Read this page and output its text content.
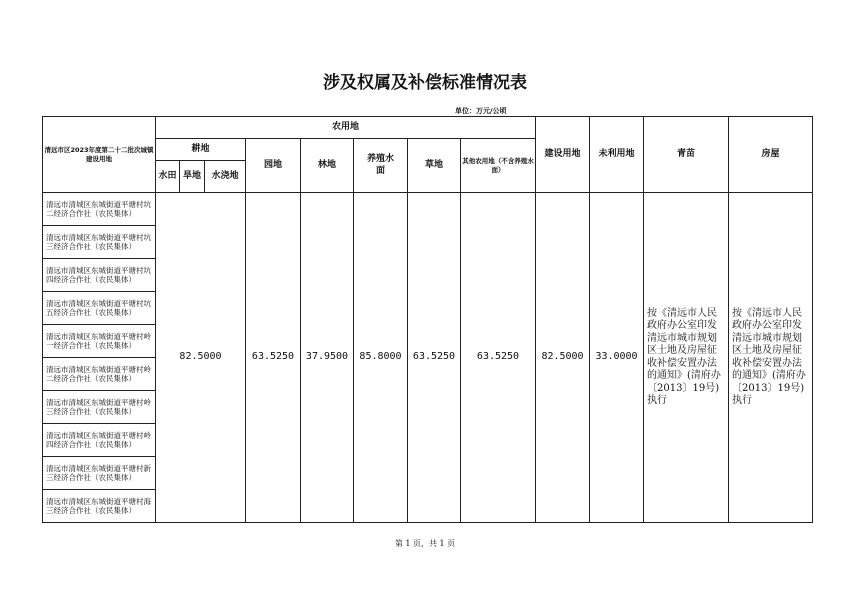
涉及权属及补偿标准情况表
单位：万元/公顷
清远市区2023年度第二十二批次城镇建设用地	农用地								建设用地	未利用地	青苗	房屋
	耕地			园地	林地	养殖水面	草地	其他农用地（不含养殖水面）				
	水田	旱地	水浇地									
清远市清城区东城街道平塘村坑二经济合作社（农民集体）	82.5000			63.5250	37.9500	85.8000	63.5250	63.5250	82.5000	33.0000	按《清远市人民政府办公室印发清远市城市规划区土地及房屋征收补偿安置办法的通知》(清府办〔2013〕19号)执行	按《清远市人民政府办公室印发清远市城市规划区土地及房屋征收补偿安置办法的通知》(清府办〔2013〕19号)执行
清远市清城区东城街道平塘村坑三经济合作社（农民集体）												
清远市清城区东城街道平塘村坑四经济合作社（农民集体）												
清远市清城区东城街道平塘村坑五经济合作社（农民集体）												
清远市清城区东城街道平塘村岭一经济合作社（农民集体）												
清远市清城区东城街道平塘村岭二经济合作社（农民集体）												
清远市清城区东城街道平塘村岭三经济合作社（农民集体）												
清远市清城区东城街道平塘村岭四经济合作社（农民集体）												
清远市清城区东城街道平塘村新三经济合作社（农民集体）												
清远市清城区东城街道平塘村海三经济合作社（农民集体）												
第 1 页，共 1 页
